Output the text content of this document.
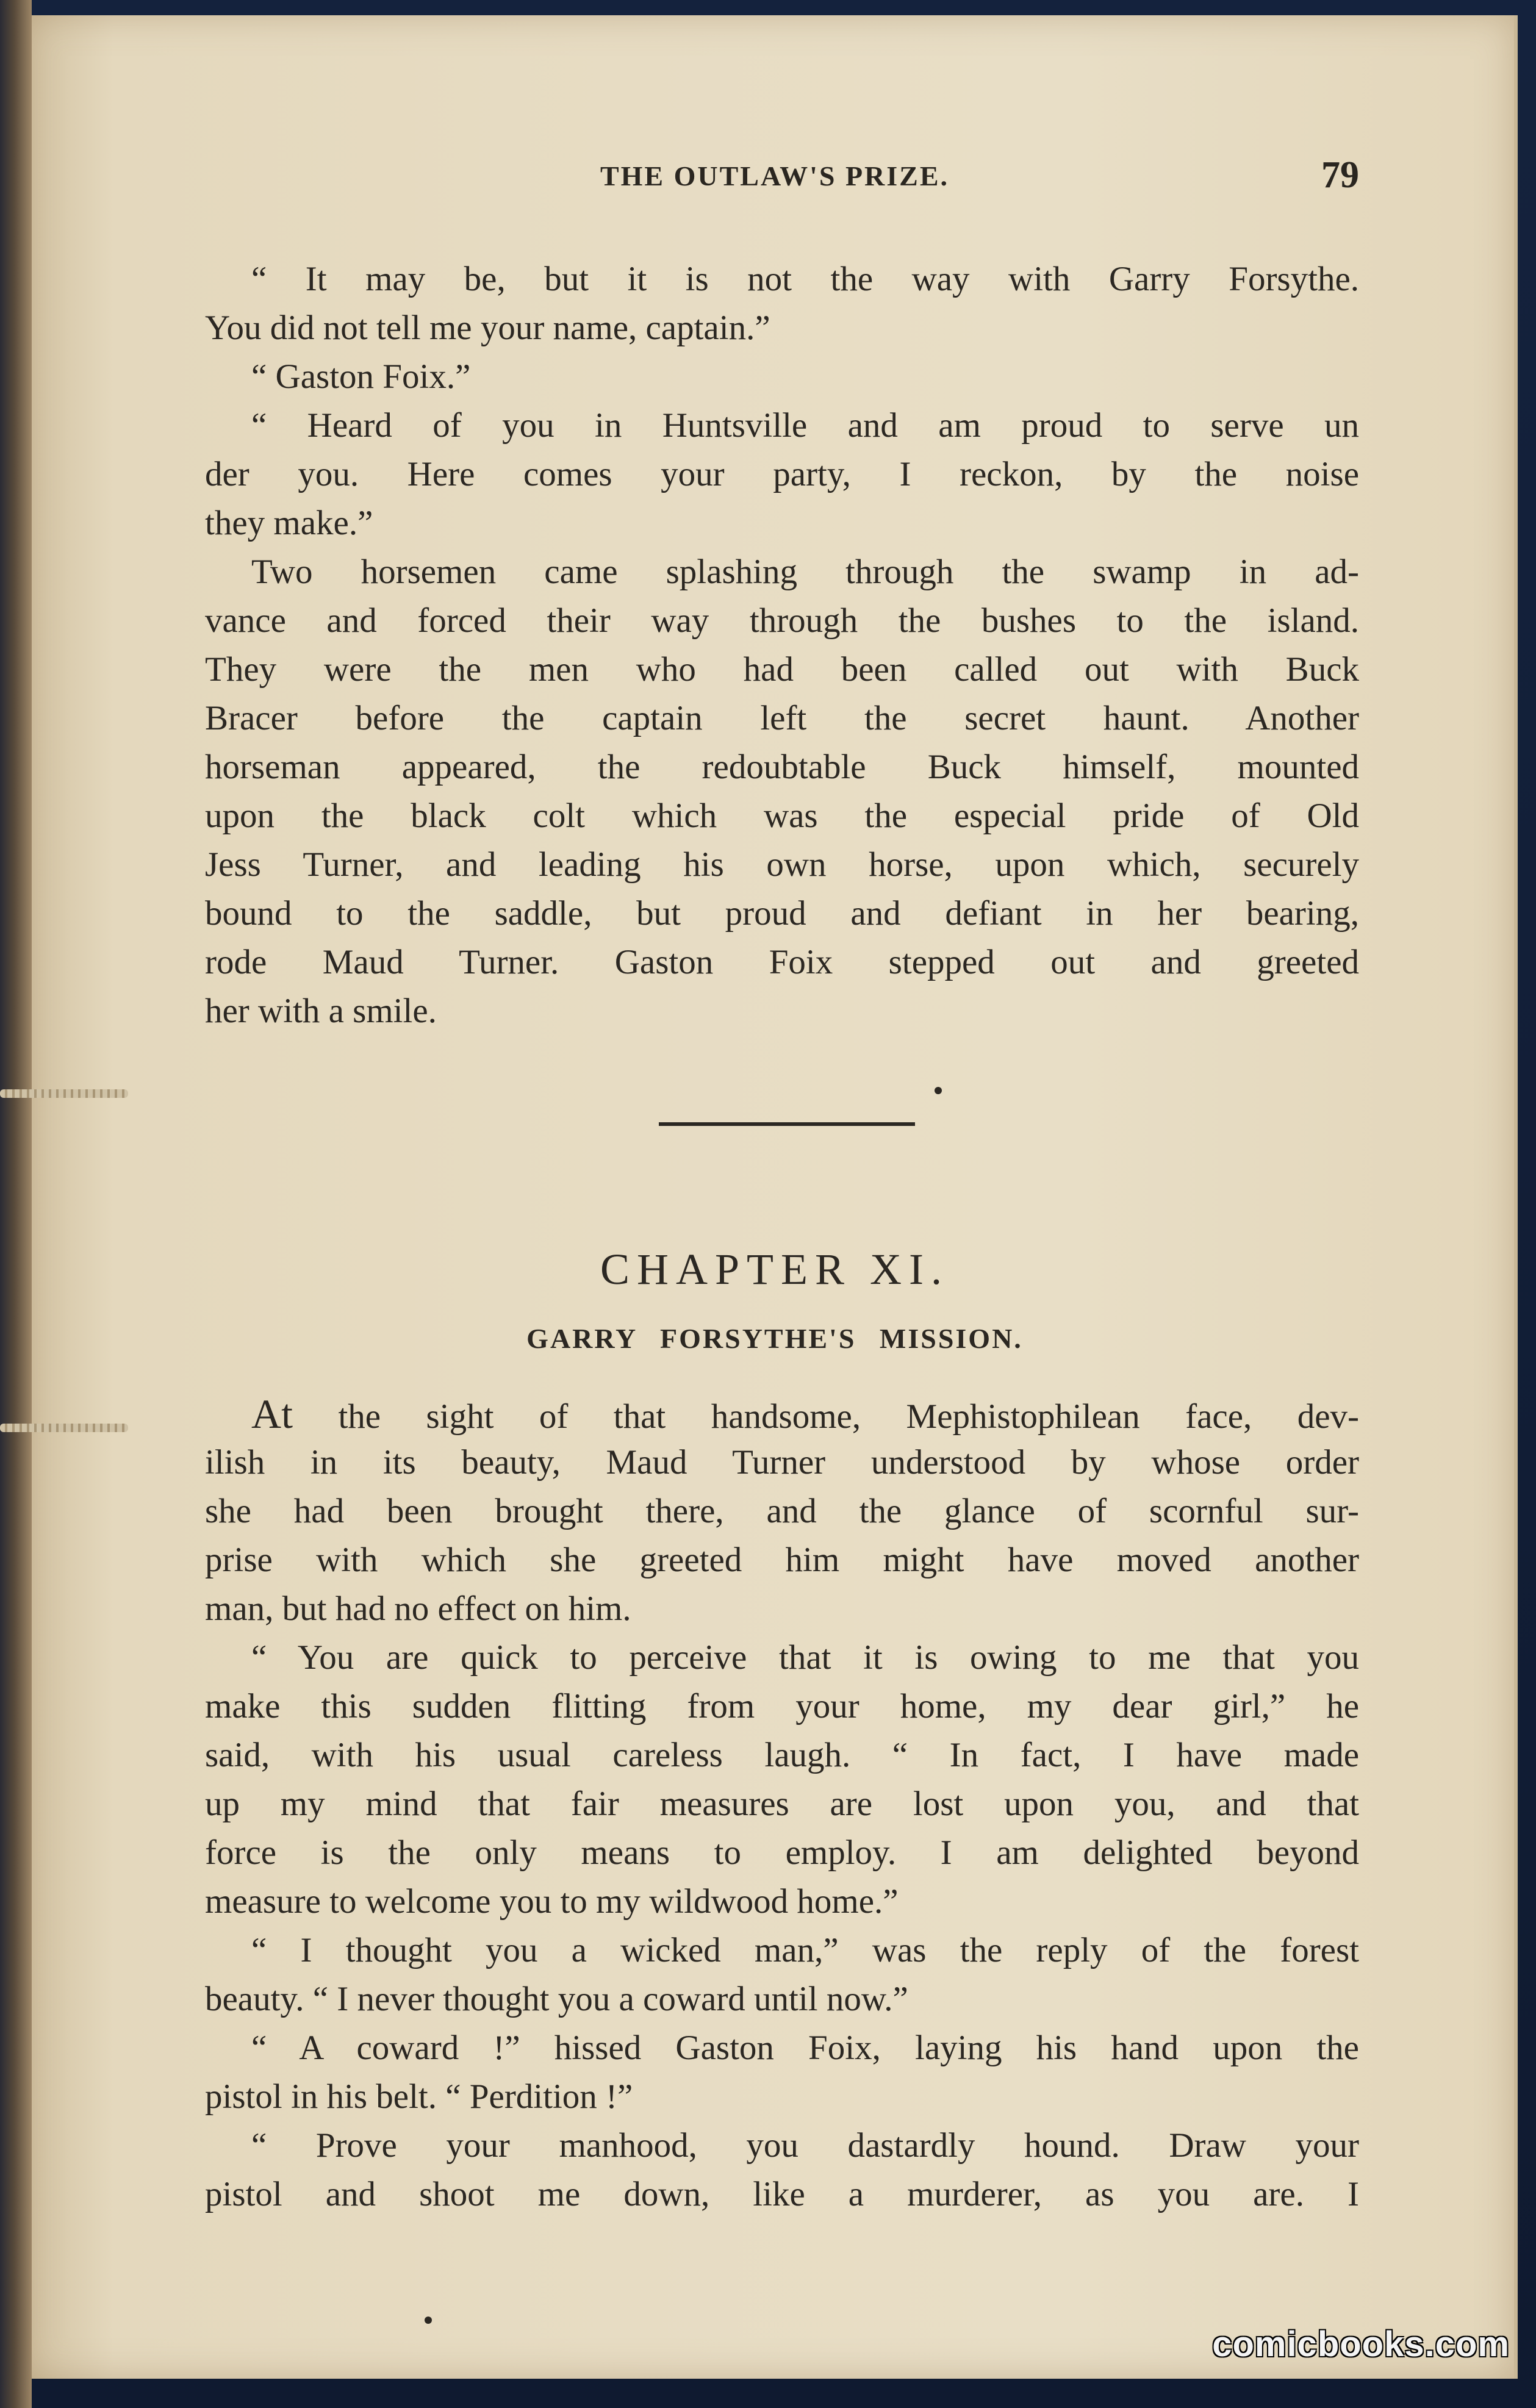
THE OUTLAW'S PRIZE.	79
“ It may be, but it is not the way with Garry Forsythe.
You did not tell me your name, captain.”
“ Gaston Foix.”
“ Heard of you in Huntsville and am proud to serve un
der you. Here comes your party, I reckon, by the noise
they make.”
Two horsemen came splashing through the swamp in ad-
vance and forced their way through the bushes to the island.
They were the men who had been called out with Buck
Bracer before the captain left the secret haunt. Another
horseman appeared, the redoubtable Buck himself, mounted
upon the black colt which was the especial pride of Old
Jess Turner, and leading his own horse, upon which, securely
bound to the saddle, but proud and defiant in her bearing,
rode Maud Turner. Gaston Foix stepped out and greeted
her with a smile.
CHAPTER XI.
GARRY FORSYTHE'S MISSION.
At the sight of that handsome, Mephistophilean face, dev-
ilish in its beauty, Maud Turner understood by whose order
she had been brought there, and the glance of scornful sur-
prise with which she greeted him might have moved another
man, but had no effect on him.
“ You are quick to perceive that it is owing to me that you
make this sudden flitting from your home, my dear girl,” he
said, with his usual careless laugh. “ In fact, I have made
up my mind that fair measures are lost upon you, and that
force is the only means to employ. I am delighted beyond
measure to welcome you to my wildwood home.”
“ I thought you a wicked man,” was the reply of the forest
beauty. “ I never thought you a coward until now.”
“ A coward !” hissed Gaston Foix, laying his hand upon the
pistol in his belt. “ Perdition !”
“ Prove your manhood, you dastardly hound. Draw your
pistol and shoot me down, like a murderer, as you are. I
comicbooks.com
